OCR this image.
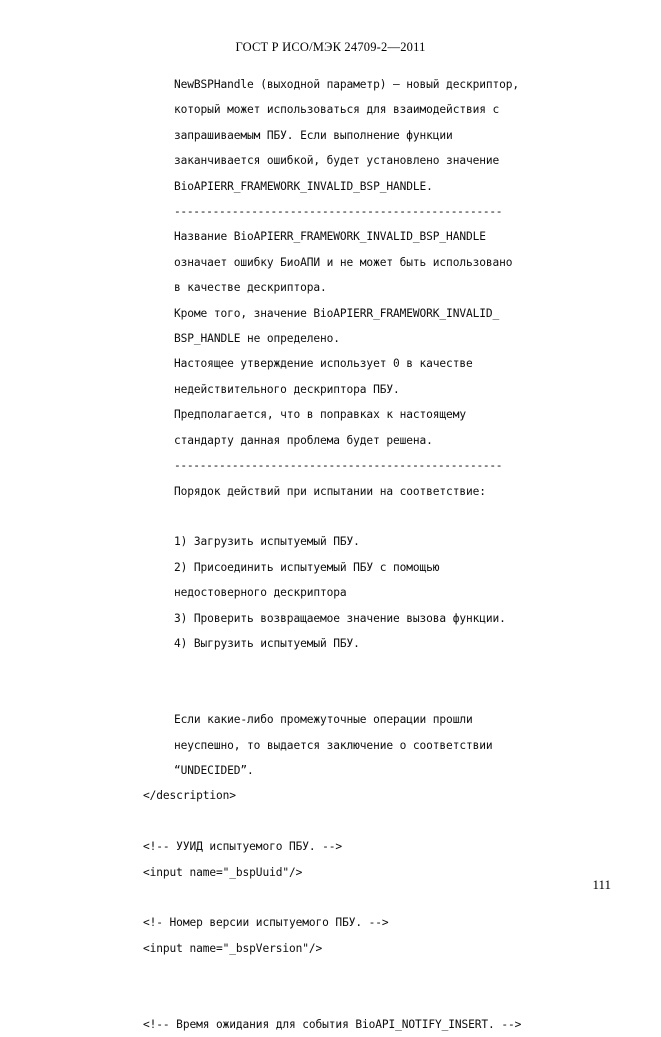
ГОСТ Р ИСО/МЭК 24709-2—2011
NewBSPHandle (выходной параметр) – новый дескриптор,
который может использоваться для взаимодействия с
запрашиваемым ПБУ. Если выполнение функции
заканчивается ошибкой, будет установлено значение
BioAPIERR_FRAMEWORK_INVALID_BSP_HANDLE.
---------------------------------------------------
Название BioAPIERR_FRAMEWORK_INVALID_BSP_HANDLE
означает ошибку БиоАПИ и не может быть использовано
в качестве дескриптора.
Кроме того, значение BioAPIERR_FRAMEWORK_INVALID_
BSP_HANDLE не определено.
Настоящее утверждение использует 0 в качестве
недействительного дескриптора ПБУ.
Предполагается, что в поправках к настоящему
стандарту данная проблема будет решена.
---------------------------------------------------
Порядок действий при испытании на соответствие:

1) Загрузить испытуемый ПБУ.
2) Присоединить испытуемый ПБУ с помощью
недостоверного дескриптора
3) Проверить возвращаемое значение вызова функции.
4) Выгрузить испытуемый ПБУ.

Если какие-либо промежуточные операции прошли
неуспешно, то выдается заключение о соответствии
“UNDECIDED”.
</description>

<!-- УУИД испытуемого ПБУ. -->
<input name="_bspUuid"/>

<!- Номер версии испытуемого ПБУ. -->
<input name="_bspVersion"/>

<!-- Время ожидания для события BioAPI_NOTIFY_INSERT. -->
111
